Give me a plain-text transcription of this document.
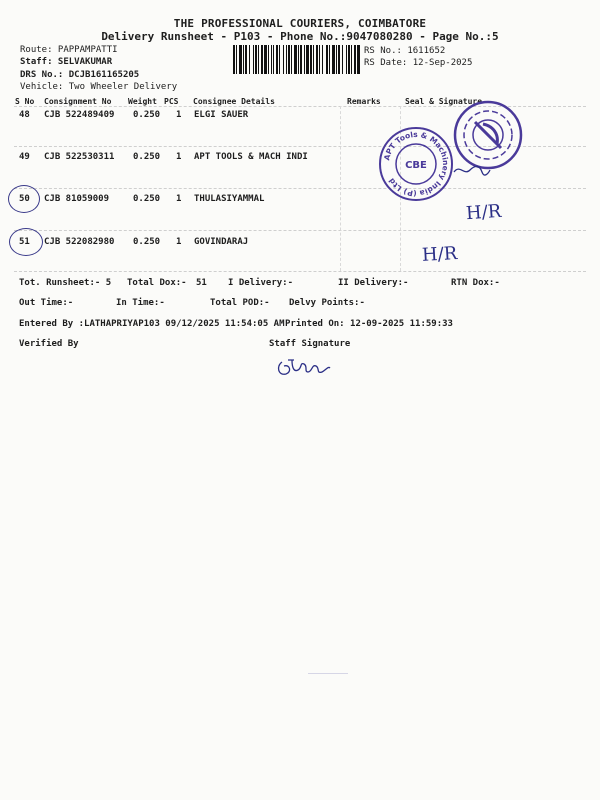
THE PROFESSIONAL COURIERS, COIMBATORE
Delivery Runsheet - P103 - Phone No.:9047080280 - Page No.:5
Route: PAPPAMPATTI
Staff: SELVAKUMAR
DRS No.: DCJB161165205
Vehicle: Two Wheeler Delivery
RS No.: 1611652
RS Date: 12-Sep-2025
S No Consignment No Weight PCS Consignee Details	Remarks	Seal & Signature
48 CJB 522489409 0.250 1 ELGI SAUER
49 CJB 522530311 0.250 1 APT TOOLS & MACH INDI
50 CJB 81059009	0.250 1 THULASIYAMMAL
51 CJB 522082980 0.250 1 GOVINDARAJ
H/R
H/R
APT Tools & Machinery India (P) Ltd
CBE
Tot. Runsheet:- 5 Total Dox:- 51 I Delivery:-	II Delivery:-	RTN Dox:-
Out Time:-	In Time:-	Total POD:- Delvy Points:-
Entered By :LATHAPRIYAP103 09/12/2025 11:54:05 AM Printed On: 12-09-2025 11:59:33
Verified By	Staff Signature
